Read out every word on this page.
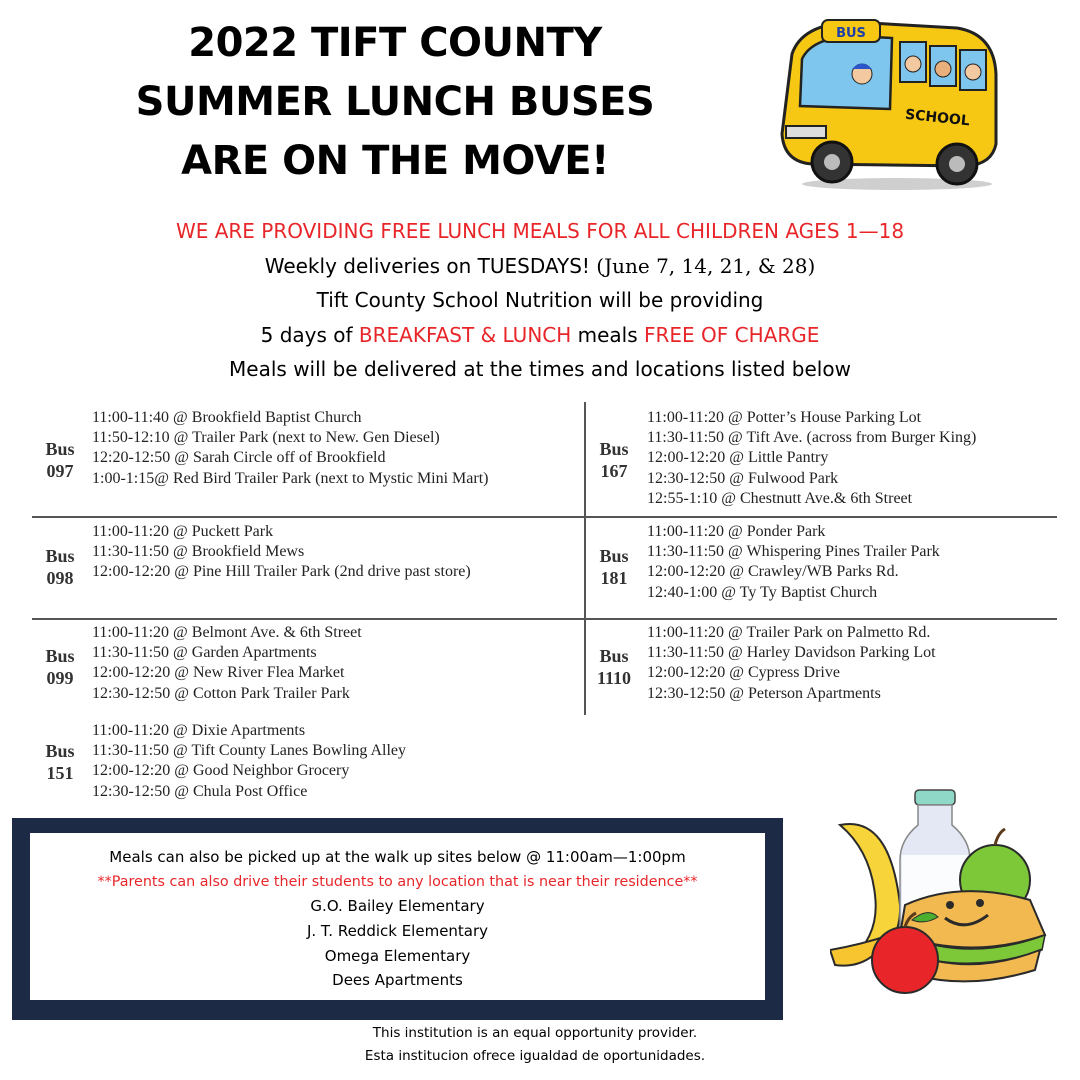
2022 TIFT COUNTY
SUMMER LUNCH BUSES
ARE ON THE MOVE!
BUS
SCHOOL
WE ARE PROVIDING FREE LUNCH MEALS FOR ALL CHILDREN AGES 1—18
Weekly deliveries on TUESDAYS! (June 7, 14, 21, & 28)
Tift County School Nutrition will be providing
5 days of BREAKFAST & LUNCH meals FREE OF CHARGE
Meals will be delivered at the times and locations listed below
Bus
097
11:00-11:40 @ Brookfield Baptist Church
11:50-12:10 @ Trailer Park (next to New. Gen Diesel)
12:20-12:50 @ Sarah Circle off of Brookfield
1:00-1:15@ Red Bird Trailer Park (next to Mystic Mini Mart)
Bus
167
11:00-11:20 @ Potter’s House Parking Lot
11:30-11:50 @ Tift Ave. (across from Burger King)
12:00-12:20 @ Little Pantry
12:30-12:50 @ Fulwood Park
12:55-1:10 @ Chestnutt Ave.& 6th Street
Bus
098
11:00-11:20 @ Puckett Park
11:30-11:50 @ Brookfield Mews
12:00-12:20 @ Pine Hill Trailer Park (2nd drive past store)
Bus
181
11:00-11:20 @ Ponder Park
11:30-11:50 @ Whispering Pines Trailer Park
12:00-12:20 @ Crawley/WB Parks Rd.
12:40-1:00 @ Ty Ty Baptist Church
Bus
099
11:00-11:20 @ Belmont Ave. & 6th Street
11:30-11:50 @ Garden Apartments
12:00-12:20 @ New River Flea Market
12:30-12:50 @ Cotton Park Trailer Park
Bus
1110
11:00-11:20 @ Trailer Park on Palmetto Rd.
11:30-11:50 @ Harley Davidson Parking Lot
12:00-12:20 @ Cypress Drive
12:30-12:50 @ Peterson Apartments
Bus
151
11:00-11:20 @ Dixie Apartments
11:30-11:50 @ Tift County Lanes Bowling Alley
12:00-12:20 @ Good Neighbor Grocery
12:30-12:50 @ Chula Post Office
Meals can also be picked up at the walk up sites below @ 11:00am—1:00pm
**Parents can also drive their students to any location that is near their residence**
G.O. Bailey Elementary
J. T. Reddick Elementary
Omega Elementary
Dees Apartments
This institution is an equal opportunity provider.
Esta institucion ofrece igualdad de oportunidades.
